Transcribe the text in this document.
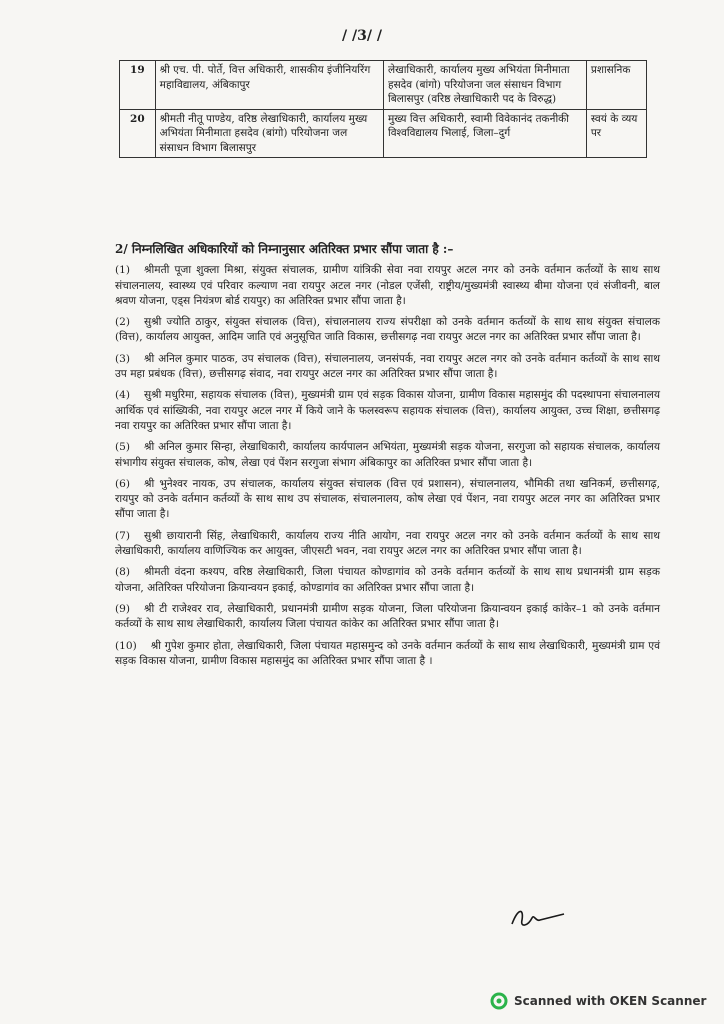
/ /3/ /
19	श्री एच. पी. पोर्ते, वित्त अधिकारी, शासकीय इंजीनियरिंग महाविद्यालय, अंबिकापुर	लेखाधिकारी, कार्यालय मुख्य अभियंता मिनीमाता हसदेव (बांगो) परियोजना जल संसाधन विभाग बिलासपुर (वरिष्ठ लेखाधिकारी पद के विरुद्ध)	प्रशासनिक
20	श्रीमती नीतू पाण्डेय, वरिष्ठ लेखाधिकारी, कार्यालय मुख्य अभियंता मिनीमाता हसदेव (बांगो) परियोजना जल संसाधन विभाग बिलासपुर	मुख्य वित्त अधिकारी, स्वामी विवेकानंद तकनीकी विश्वविद्यालय भिलाई, जिला–दुर्ग	स्वयं के व्यय पर
2/ निम्नलिखित अधिकारियों को निम्नानुसार अतिरिक्त प्रभार सौंपा जाता है :–
(1) श्रीमती पूजा शुक्ला मिश्रा, संयुक्त संचालक, ग्रामीण यांत्रिकी सेवा नवा रायपुर अटल नगर को उनके वर्तमान कर्तव्यों के साथ साथ संचालनालय, स्वास्थ्य एवं परिवार कल्याण नवा रायपुर अटल नगर (नोडल एजेंसी, राष्ट्रीय/मुख्यमंत्री स्वास्थ्य बीमा योजना एवं संजीवनी, बाल श्रवण योजना, एड्स नियंत्रण बोर्ड रायपुर) का अतिरिक्त प्रभार सौंपा जाता है।
(2) सुश्री ज्योति ठाकुर, संयुक्त संचालक (वित्त), संचालनालय राज्य संपरीक्षा को उनके वर्तमान कर्तव्यों के साथ साथ संयुक्त संचालक (वित्त), कार्यालय आयुक्त, आदिम जाति एवं अनुसूचित जाति विकास, छत्तीसगढ़ नवा रायपुर अटल नगर का अतिरिक्त प्रभार सौंपा जाता है।
(3) श्री अनिल कुमार पाठक, उप संचालक (वित्त), संचालनालय, जनसंपर्क, नवा रायपुर अटल नगर को उनके वर्तमान कर्तव्यों के साथ साथ उप महा प्रबंधक (वित्त), छत्तीसगढ़ संवाद, नवा रायपुर अटल नगर का अतिरिक्त प्रभार सौंपा जाता है।
(4) सुश्री मधुरिमा, सहायक संचालक (वित्त), मुख्यमंत्री ग्राम एवं सड़क विकास योजना, ग्रामीण विकास महासमुंद की पदस्थापना संचालनालय आर्थिक एवं सांख्यिकी, नवा रायपुर अटल नगर में किये जाने के फलस्वरूप सहायक संचालक (वित्त), कार्यालय आयुक्त, उच्च शिक्षा, छत्तीसगढ़ नवा रायपुर का अतिरिक्त प्रभार सौंपा जाता है।
(5) श्री अनिल कुमार सिन्हा, लेखाधिकारी, कार्यालय कार्यपालन अभियंता, मुख्यमंत्री सड़क योजना, सरगुजा को सहायक संचालक, कार्यालय संभागीय संयुक्त संचालक, कोष, लेखा एवं पेंशन सरगुजा संभाग अंबिकापुर का अतिरिक्त प्रभार सौंपा जाता है।
(6) श्री भुनेश्वर नायक, उप संचालक, कार्यालय संयुक्त संचालक (वित्त एवं प्रशासन), संचालनालय, भौमिकी तथा खनिकर्म, छत्तीसगढ़, रायपुर को उनके वर्तमान कर्तव्यों के साथ साथ उप संचालक, संचालनालय, कोष लेखा एवं पेंशन, नवा रायपुर अटल नगर का अतिरिक्त प्रभार सौंपा जाता है।
(7) सुश्री छायारानी सिंह, लेखाधिकारी, कार्यालय राज्य नीति आयोग, नवा रायपुर अटल नगर को उनके वर्तमान कर्तव्यों के साथ साथ लेखाधिकारी, कार्यालय वाणिज्यिक कर आयुक्त, जीएसटी भवन, नवा रायपुर अटल नगर का अतिरिक्त प्रभार सौंपा जाता है।
(8) श्रीमती वंदना कश्यप, वरिष्ठ लेखाधिकारी, जिला पंचायत कोण्डागांव को उनके वर्तमान कर्तव्यों के साथ साथ प्रधानमंत्री ग्राम सड़क योजना, अतिरिक्त परियोजना क्रियान्वयन इकाई, कोण्डागांव का अतिरिक्त प्रभार सौंपा जाता है।
(9) श्री टी राजेश्वर राव, लेखाधिकारी, प्रधानमंत्री ग्रामीण सड़क योजना, जिला परियोजना क्रियान्वयन इकाई कांकेर–1 को उनके वर्तमान कर्तव्यों के साथ साथ लेखाधिकारी, कार्यालय जिला पंचायत कांकेर का अतिरिक्त प्रभार सौंपा जाता है।
(10) श्री गुपेश कुमार होता, लेखाधिकारी, जिला पंचायत महासमुन्द को उनके वर्तमान कर्तव्यों के साथ साथ लेखाधिकारी, मुख्यमंत्री ग्राम एवं सड़क विकास योजना, ग्रामीण विकास महासमुंद का अतिरिक्त प्रभार सौंपा जाता है ।
Scanned with OKEN Scanner
